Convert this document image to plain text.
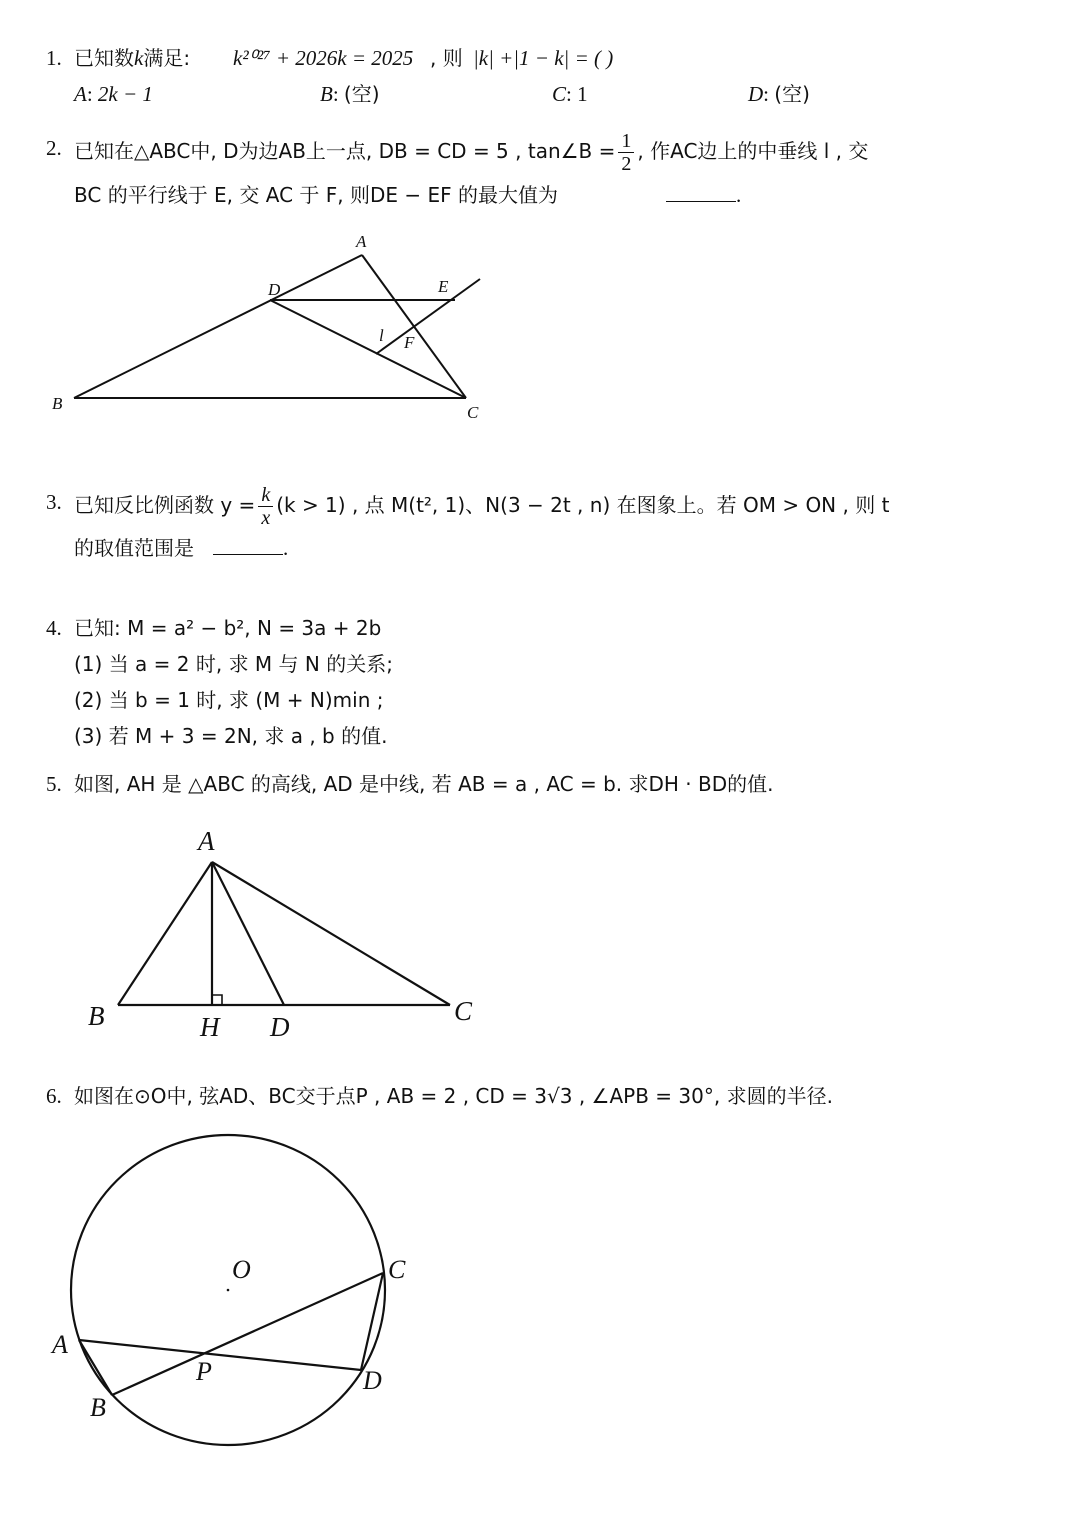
1. 已知数k满足: k²⁰²⁷ + 2026k = 2025 , 则 |k| +|1 − k| = ( )
A: 2k − 1	B: (空)	C: 1	D: (空)
2. 已知在△ABC中, D为边AB上一点, DB = CD = 5 , tan∠B = $\frac{1}{2}$ , 作AC边上的中垂线 l , 交
BC 的平行线于 E, 交 AC 于 F, 则DE − EF 的最大值为	.
A
B	C
D	E
F
l
3. 已知反比例函数 $y = \frac{k}{x} (k > 1)$ , 点 M(t², 1)、N(3 − 2t , n) 在图象上。若 OM > ON , 则 t
的取值范围是	.
4. 已知: M = a² − b², N = 3a + 2b
(1) 当 a = 2 时, 求 M 与 N 的关系;
(2) 当 b = 1 时, 求 (M + N)min ;
(3) 若 M + 3 = 2N, 求 a , b 的值.
5. 如图, AH 是 △ABC 的高线, AD 是中线, 若 AB = a , AC = b. 求DH · BD的值.
A
B	C
H D
6. 如图在⊙O中, 弦AD、BC交于点P , AB = 2 , CD = 3√3 , ∠APB = 30°, 求圆的半径.
O
A
B
C
D
P
